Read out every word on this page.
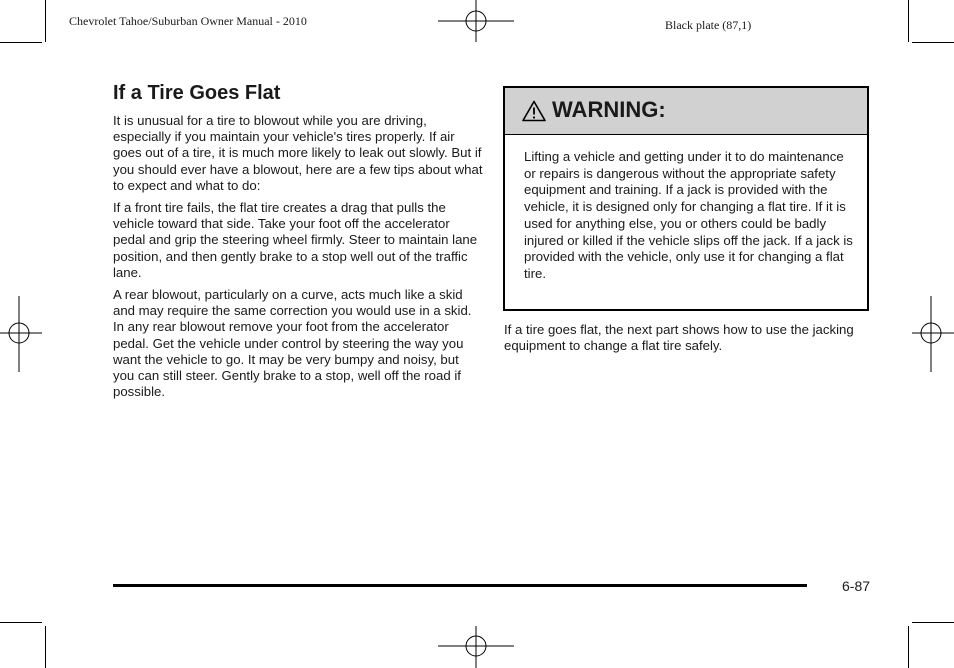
Chevrolet Tahoe/Suburban Owner Manual - 2010	Black plate (87,1)
If a Tire Goes Flat

It is unusual for a tire to blowout while you are driving, especially if you maintain your vehicle's tires properly. If air goes out of a tire, it is much more likely to leak out slowly. But if you should ever have a blowout, here are a few tips about what to expect and what to do:

If a front tire fails, the flat tire creates a drag that pulls the vehicle toward that side. Take your foot off the accelerator pedal and grip the steering wheel firmly. Steer to maintain lane position, and then gently brake to a stop well out of the traffic lane.

A rear blowout, particularly on a curve, acts much like a skid and may require the same correction you would use in a skid. In any rear blowout remove your foot from the accelerator pedal. Get the vehicle under control by steering the way you want the vehicle to go. It may be very bumpy and noisy, but you can still steer. Gently brake to a stop, well off the road if possible.

WARNING:

Lifting a vehicle and getting under it to do maintenance or repairs is dangerous without the appropriate safety equipment and training. If a jack is provided with the vehicle, it is designed only for changing a flat tire. If it is used for anything else, you or others could be badly injured or killed if the vehicle slips off the jack. If a jack is provided with the vehicle, only use it for changing a flat tire.

If a tire goes flat, the next part shows how to use the jacking equipment to change a flat tire safely.

6-87
